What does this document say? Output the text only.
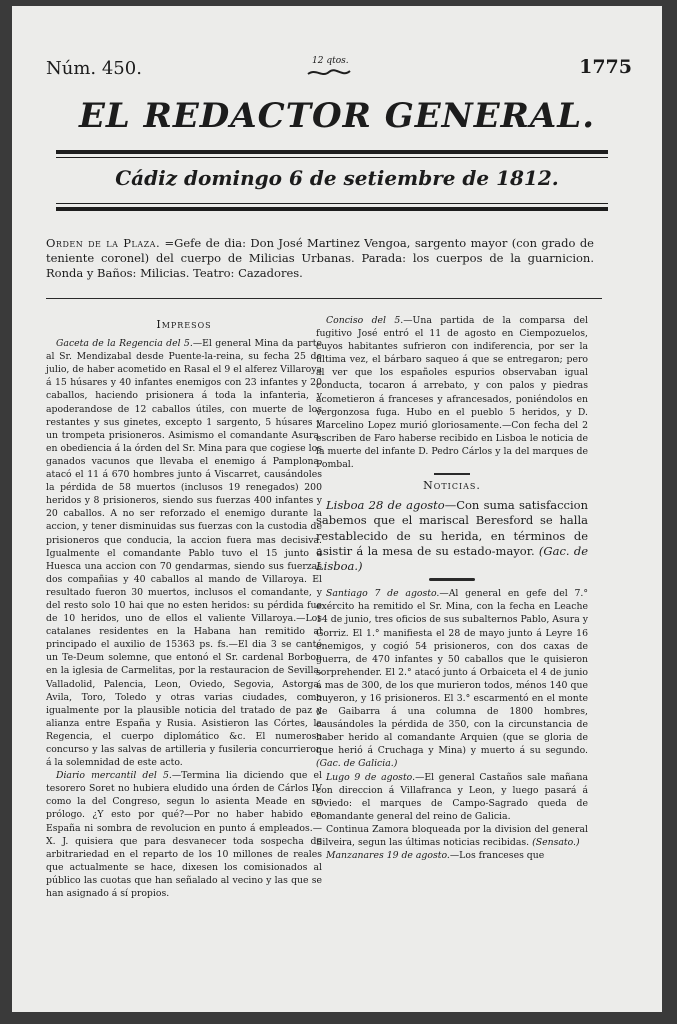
Núm. 450.	12 qtos.	1775
EL REDACTOR GENERAL.
Cádiz domingo 6 de setiembre de 1812.
Orden de la Plaza. =Gefe de dia: Don José Martinez Vengoa, sargento mayor (con grado de teniente coronel) del cuerpo de Milicias Urbanas. Parada: los cuerpos de la guarnicion. Ronda y Baños: Milicias. Teatro: Cazadores.
Impresos

Gaceta de la Regencia del 5.—El general Mina da parte al Sr. Mendizabal desde Puente-la-reina, su fecha 25 de julio, de haber acometido en Rasal el 9 el alferez Villaroya á 15 húsares y 40 infantes enemigos con 23 infantes y 20 caballos, haciendo prisionera á toda la infanteria, y apoderandose de 12 caballos útiles, con muerte de los restantes y sus ginetes, excepto 1 sargento, 5 húsares y un trompeta prisioneros. Asimismo el comandante Asura, en obediencia á la órden del Sr. Mina para que cogiese los ganados vacunos que llevaba el enemigo á Pamplona, atacó el 11 á 670 hombres junto á Viscarret, causándoles la pérdida de 58 muertos (inclusos 19 renegados) 200 heridos y 8 prisioneros, siendo sus fuerzas 400 infantes y 20 caballos. A no ser reforzado el enemigo durante la accion, y tener disminuidas sus fuerzas con la custodia de prisioneros que conducia, la accion fuera mas decisiva. Igualmente el comandante Pablo tuvo el 15 junto á Huesca una accion con 70 gendarmas, siendo sus fuerzas dos compañias y 40 caballos al mando de Villaroya. El resultado fueron 30 muertos, inclusos el comandante, y del resto solo 10 hai que no esten heridos: su pérdida fue de 10 heridos, uno de ellos el valiente Villaroya.—Los catalanes residentes en la Habana han remitido al principado el auxilio de 15363 ps. fs.—El dia 3 se cantó un Te-Deum solemne, que entonó el Sr. cardenal Borbon en la iglesia de Carmelitas, por la restauracion de Sevilla, Valladolid, Palencia, Leon, Oviedo, Segovia, Astorga, Avila, Toro, Toledo y otras varias ciudades, como igualmente por la plausible noticia del tratado de paz y alianza entre España y Rusia. Asistieron las Córtes, la Regencia, el cuerpo diplomático &c. El numeroso concurso y las salvas de artilleria y fusileria concurrieron á la solemnidad de este acto.

Diario mercantil del 5.—Termina lia diciendo que el tesorero Soret no hubiera eludido una órden de Cárlos IV como la del Congreso, segun lo asienta Meade en su prólogo. ¿Y esto por qué?—Por no haber habido en España ni sombra de revolucion en punto á empleados.—X. J. quisiera que para desvanecer toda sospecha de arbitrariedad en el reparto de los 10 millones de reales que actualmente se hace, dixesen los comisionados al público las cuotas que han señalado al vecino y las que se han asignado á sí propios.

Conciso del 5.—Una partida de la comparsa del fugitivo José entró el 11 de agosto en Ciempozuelos, cuyos habitantes sufrieron con indiferencia, por ser la última vez, el bárbaro saqueo á que se entregaron; pero al ver que los españoles espurios observaban igual conducta, tocaron á arrebato, y con palos y piedras acometieron á franceses y afrancesados, poniéndolos en vergonzosa fuga. Hubo en el pueblo 5 heridos, y D. Marcelino Lopez murió gloriosamente.—Con fecha del 2 escriben de Faro haberse recibido en Lisboa le noticia de la muerte del infante D. Pedro Cárlos y la del marques de Pombal.

Noticias.

Lisboa 28 de agosto—Con suma satisfaccion sabemos que el mariscal Beresford se halla restablecido de su herida, en términos de asistir á la mesa de su estado-mayor. (Gac. de Lisboa.)

Santiago 7 de agosto.—Al general en gefe del 7.° exército ha remitido el Sr. Mina, con la fecha en Leache 14 de junio, tres oficios de sus subalternos Pablo, Asura y Gorriz. El 1.° manifiesta el 28 de mayo junto á Leyre 16 enemigos, y cogió 54 prisioneros, con dos caxas de guerra, de 470 infantes y 50 caballos que le quisieron sorprehender. El 2.° atacó junto á Orbaiceta el 4 de junio á mas de 300, de los que murieron todos, ménos 140 que huyeron, y 16 prisioneros. El 3.° escarmentó en el monte de Gaibarra á una columna de 1800 hombres, causándoles la pérdida de 350, con la circunstancia de haber herido al comandante Arquien (que se gloria de que herió á Cruchaga y Mina) y muerto á su segundo. (Gac. de Galicia.)

Lugo 9 de agosto.—El general Castaños sale mañana con direccion á Villafranca y Leon, y luego pasará á Oviedo: el marques de Campo-Sagrado queda de comandante general del reino de Galicia.

Continua Zamora bloqueada por la division del general Silveira, segun las últimas noticias recibidas. (Sensato.)

Manzanares 19 de agosto.—Los franceses que
